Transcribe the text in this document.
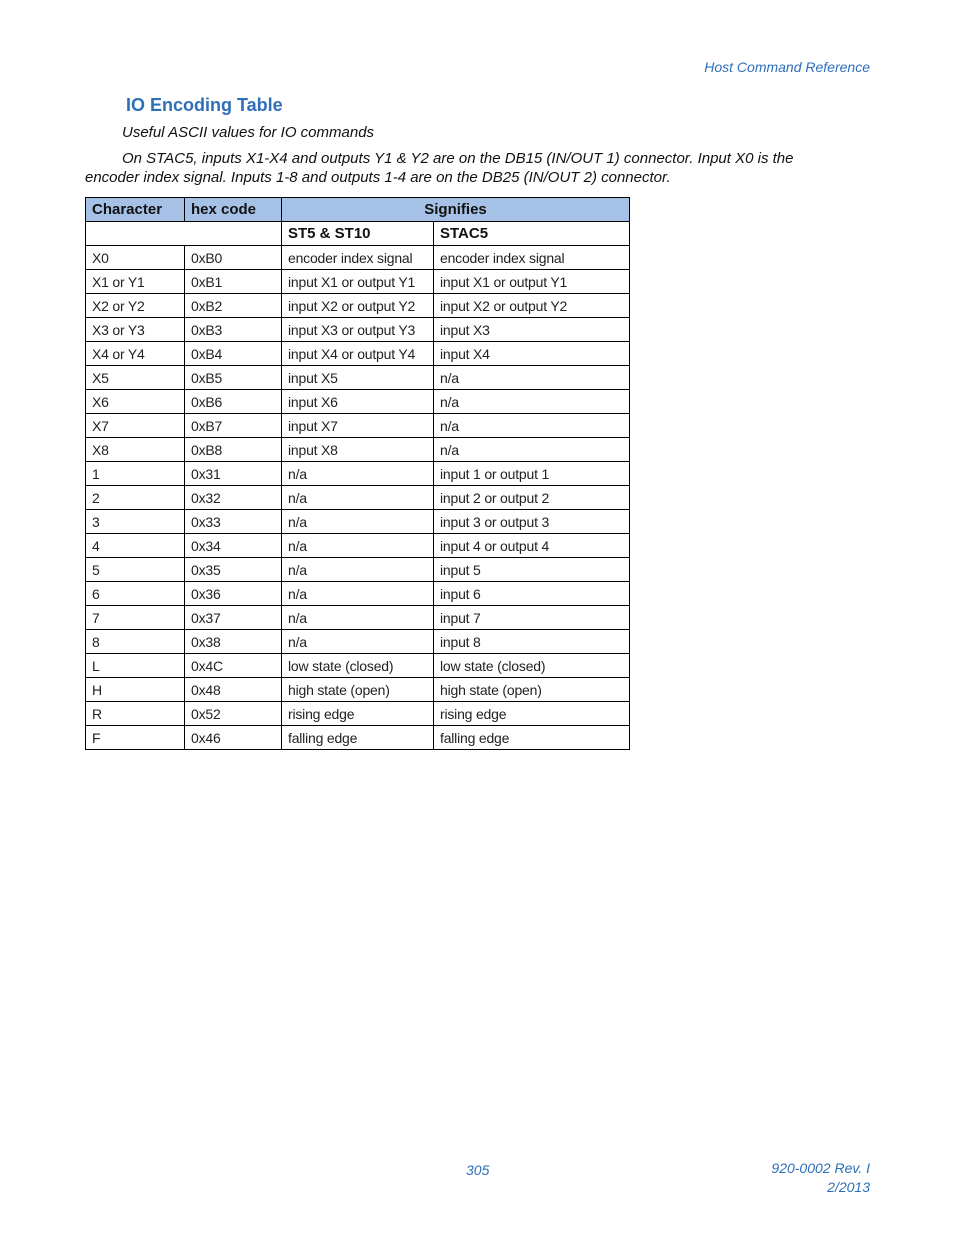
Host Command Reference
IO Encoding Table
Useful ASCII values for IO commands
On STAC5, inputs X1-X4 and outputs Y1 & Y2 are on the DB15 (IN/OUT 1) connector. Input X0 is the encoder index signal. Inputs 1-8 and outputs 1-4 are on the DB25 (IN/OUT 2) connector.
Character	hex code	Signifies	
		ST5 & ST10	STAC5
X0	0xB0	encoder index signal	encoder index signal
X1 or Y1	0xB1	input X1 or output Y1	input X1 or output Y1
X2 or Y2	0xB2	input X2 or output Y2	input X2 or output Y2
X3 or Y3	0xB3	input X3 or output Y3	input X3
X4 or Y4	0xB4	input X4 or output Y4	input X4
X5	0xB5	input X5	n/a
X6	0xB6	input X6	n/a
X7	0xB7	input X7	n/a
X8	0xB8	input X8	n/a
1	0x31	n/a	input 1 or output 1
2	0x32	n/a	input 2 or output 2
3	0x33	n/a	input 3 or output 3
4	0x34	n/a	input 4 or output 4
5	0x35	n/a	input 5
6	0x36	n/a	input 6
7	0x37	n/a	input 7
8	0x38	n/a	input 8
L	0x4C	low state (closed)	low state (closed)
H	0x48	high state (open)	high state (open)
R	0x52	rising edge	rising edge
F	0x46	falling edge	falling edge
305	920-0002 Rev. I
2/2013
